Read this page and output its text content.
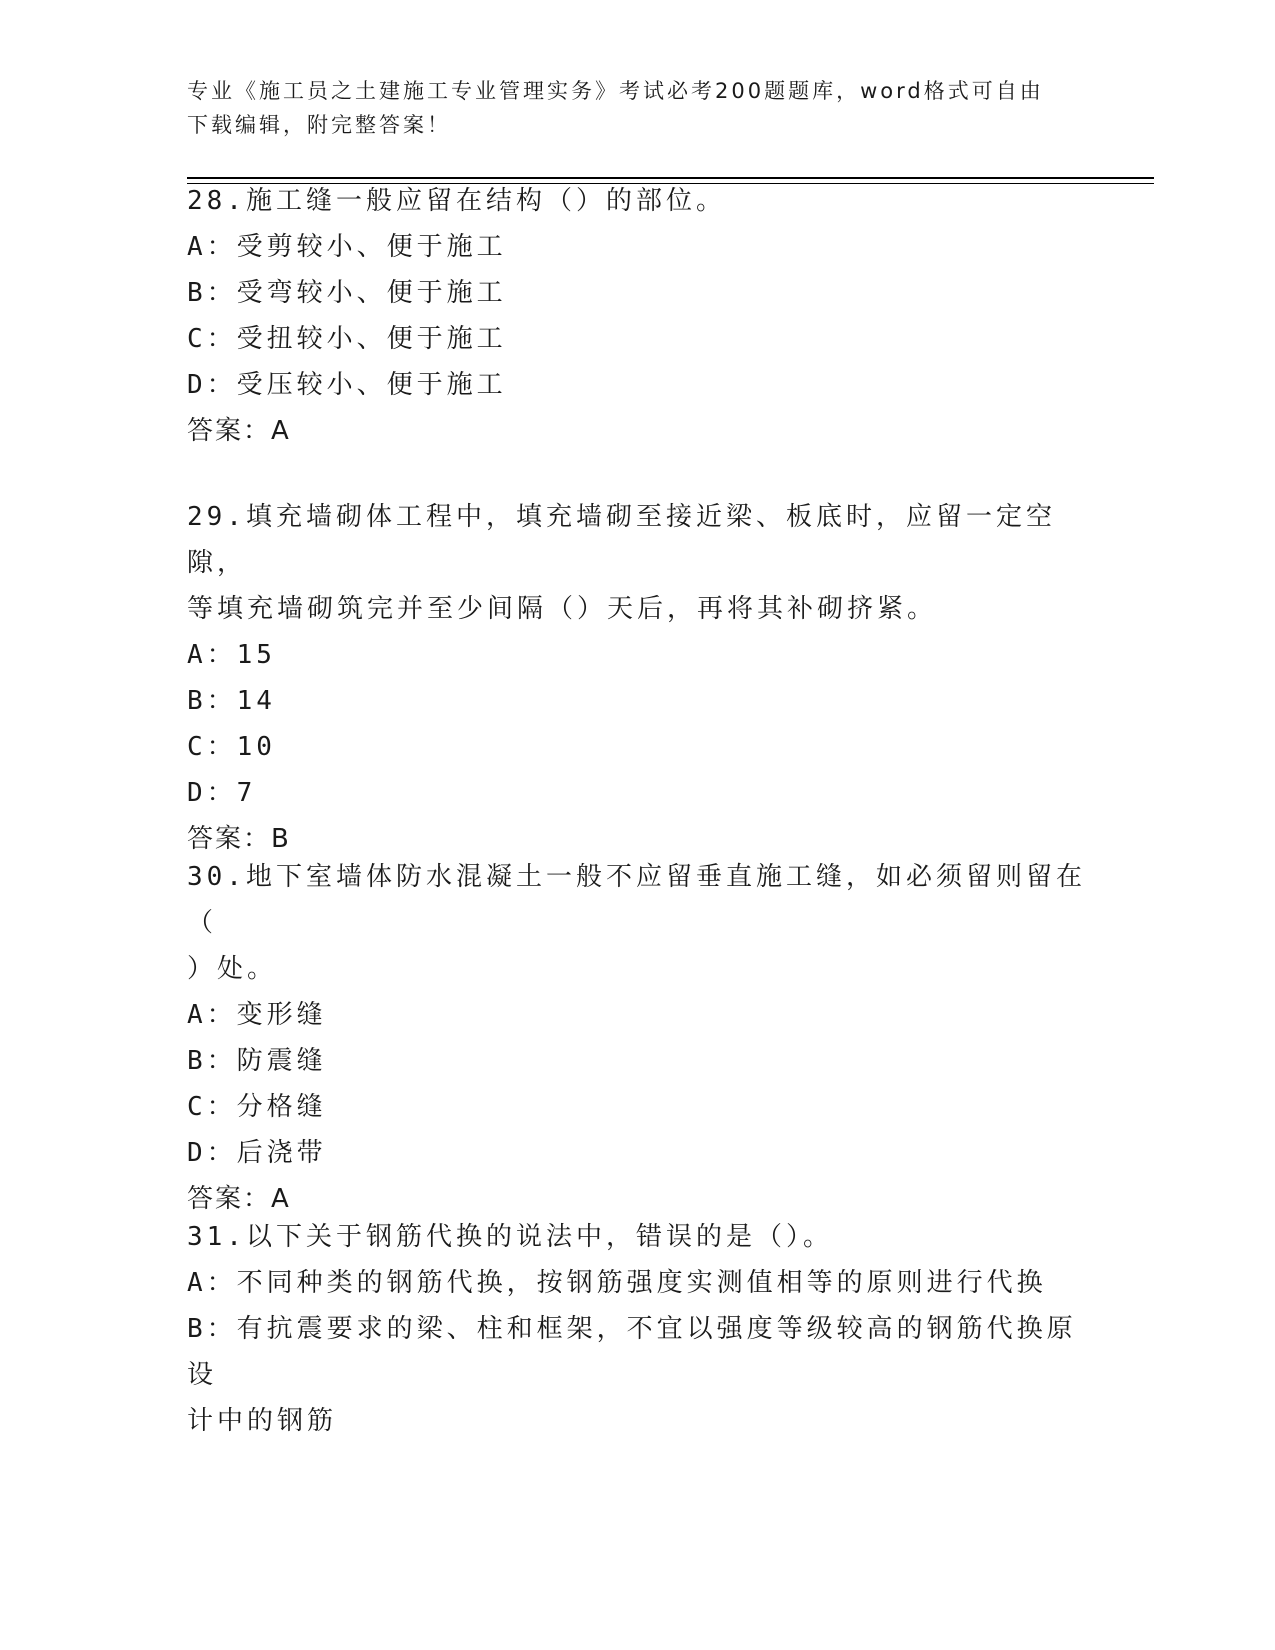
专业《施工员之土建施工专业管理实务》考试必考200题题库，word格式可自由
下载编辑，附完整答案！

28.施工缝一般应留在结构（）的部位。

A：受剪较小、便于施工

B：受弯较小、便于施工

C：受扭较小、便于施工

D：受压较小、便于施工

答案：A

29.填充墙砌体工程中，填充墙砌至接近梁、板底时，应留一定空隙，

等填充墙砌筑完并至少间隔（）天后，再将其补砌挤紧。

A：15

B：14

C：10

D：7

答案：B

30.地下室墙体防水混凝土一般不应留垂直施工缝，如必须留则留在（

）处。

A：变形缝

B：防震缝

C：分格缝

D：后浇带

答案：A

31.以下关于钢筋代换的说法中，错误的是（）。

A：不同种类的钢筋代换，按钢筋强度实测值相等的原则进行代换

B：有抗震要求的梁、柱和框架，不宜以强度等级较高的钢筋代换原设

计中的钢筋
